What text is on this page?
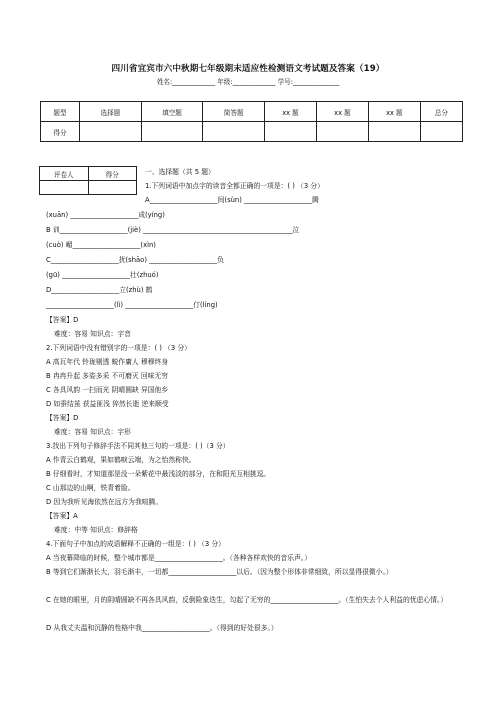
四川省宜宾市六中秋期七年级期末适应性检测语文考试题及答案（19）
姓名:_____________ 年级:_____________ 学号:______________
题型	选择题	填空题	简答题	xx 题	xx 题	xx 题	总分
得分							
评卷人	得分
		一、选择题（共 5 题）
1.下列词语中加点字的读音全都正确的一项是：( ) （3 分）
A____________________间(sùn) ____________________腾
(xuān) ____________________成(yíng)
B 训____________________(jiè) ____________________________________________泣
(cuò) 嵋____________________(xìn)
C____________________扰(shāo) ____________________负
(gū) ____________________壮(zhuó)
D____________________立(zhù) 鹤
____________________(lì) ____________________仃(líng)
【答案】D
难度：容易 知识点：字音
2.下列词语中没有错别字的一项是：( ) （3 分）
A 高瓦年代 铃珑剔透 蜕作庸人 穆穆终身
B 冉冉升起 多姿多采 不可磨灭 回味无穷
C 各具风韵 一扫而光 阴晴圆缺 异国他乡
D 如蚕结茧 获益匪浅 猝然长逝 逆来顺受
【答案】D
难度：容易 知识点：字形
3.找出下列句子修辞手法不同其他三句的一项是：( )（3 分）
A 作青云白鹤观，果如鹤唳云端，为之怡然称快。
B 仔细看时，才知道那是没一朵紫花中最浅淡的部分，在和阳光互相挑逗。
C 山那边的山啊，铁青着脸。
D 因为我听见海依然在远方为我喧腾。
【答案】A
难度：中等 知识点：修辞格
4.下面句子中加点的成语解释不正确的一组是：( ) （3 分）
A 当夜幕降临的时候，整个城市都是____________________。（各种各样欢快的音乐声。）
B 等到它们渐渐长大，羽毛渐丰，一切都____________________以后。（因为整个形体非常细致，所以显得很微小。）
C 在她的眼里，月的阴晴圆缺不再各具风韵，反倒险象迭生，勾起了无穷的____________________。（生怕失去个人利益的忧虑心情。）
D 从我丈夫温和沉静的性格中我____________________。（得到的好处很多。）
